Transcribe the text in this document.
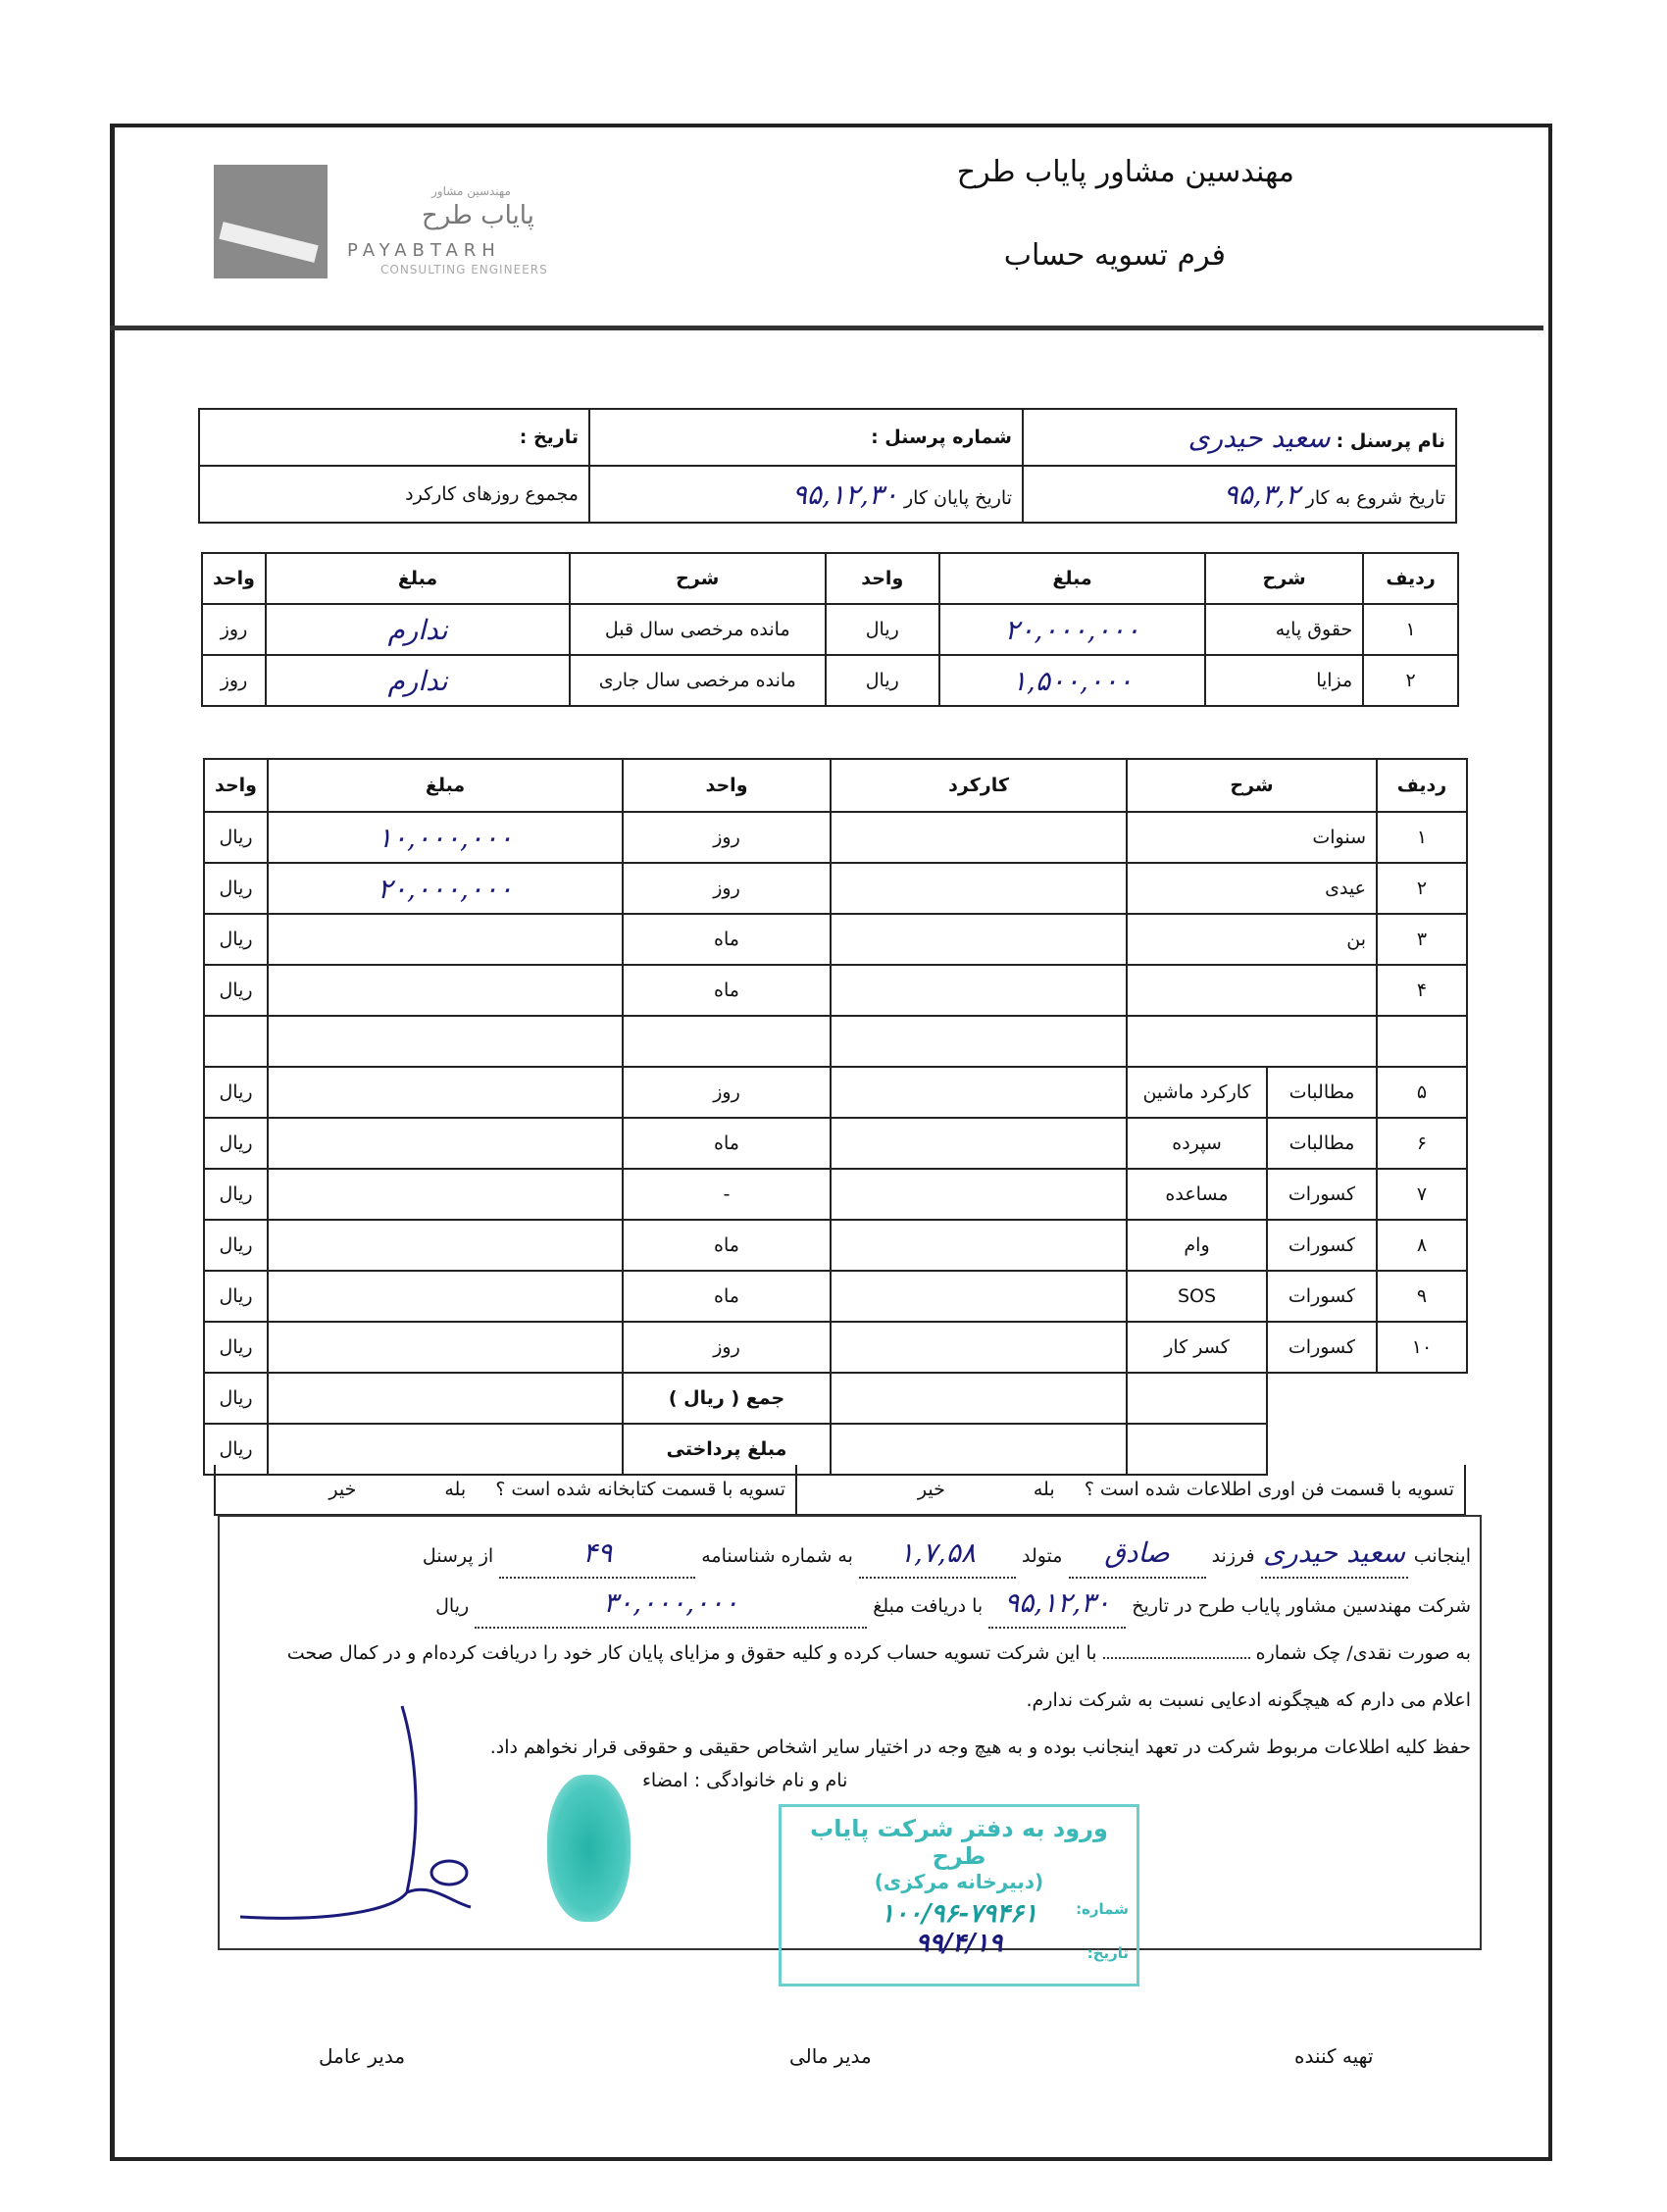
مهندسین مشاور
پایاب طرح
PAYABTARH
CONSULTING ENGINEERS
مهندسین مشاور پایاب طرح
فرم تسویه حساب
نام پرسنل : سعید حیدری	شماره پرسنل :	تاریخ :
تاریخ شروع به کار ۹۵,۳,۲	تاریخ پایان کار ۹۵,۱۲,۳۰	مجموع روزهای کارکرد
ردیف	شرح	مبلغ	واحد	شرح	مبلغ	واحد
۱	حقوق پایه	۲۰,۰۰۰,۰۰۰	ریال	مانده مرخصی سال قبل	ندارم	روز
۲	مزایا	۱,۵۰۰,۰۰۰	ریال	مانده مرخصی سال جاری	ندارم	روز
ردیف	شرح		کارکرد	واحد	مبلغ	واحد
۱	سنوات			روز	۱۰,۰۰۰,۰۰۰	ریال
۲	عیدی			روز	۲۰,۰۰۰,۰۰۰	ریال
۳	بن			ماه		ریال
۴				ماه		ریال

۵	مطالبات	کارکرد ماشین		روز		ریال
۶	مطالبات	سپرده		ماه		ریال
۷	کسورات	مساعده		-		ریال
۸	کسورات	وام		ماه		ریال
۹	کسورات	SOS		ماه		ریال
۱۰	کسورات	کسر کار		روز		ریال
				جمع ( ریال )		ریال
				مبلغ پرداختی		ریال
تسویه با قسمت فن اوری اطلاعات شده است ؟     بلهخیر	تسویه با قسمت کتابخانه شده است ؟     بلهخیر
اینجانب سعید حیدری فرزند صادق متولد ۱,۷,۵۸ به شماره شناسنامه ۴۹ از پرسنل
شرکت مهندسین مشاور پایاب طرح در تاریخ ۹۵,۱۲,۳۰ با دریافت مبلغ ۳۰,۰۰۰,۰۰۰ ریال
به صورت نقدی/ چک شماره  با این شرکت تسویه حساب کرده و کلیه حقوق و مزایای پایان کار خود را دریافت کرده‌ام و در کمال صحت
اعلام می دارم که هیچگونه ادعایی نسبت به شرکت ندارم.
حفظ کلیه اطلاعات مربوط شرکت در تعهد اینجانب بوده و به هیچ وجه در اختیار سایر اشخاص حقیقی و حقوقی قرار نخواهم داد.
ورود به دفتر شرکت پایاب طرح
(دبیرخانه مرکزی)
شماره:
۱۰۰/۹۶-۷۹۴۶۱
تاریخ:
۹۹/۴/۱۹
نام و نام خانوادگی : امضاء
تهیه کننده
مدیر مالی
مدیر عامل
